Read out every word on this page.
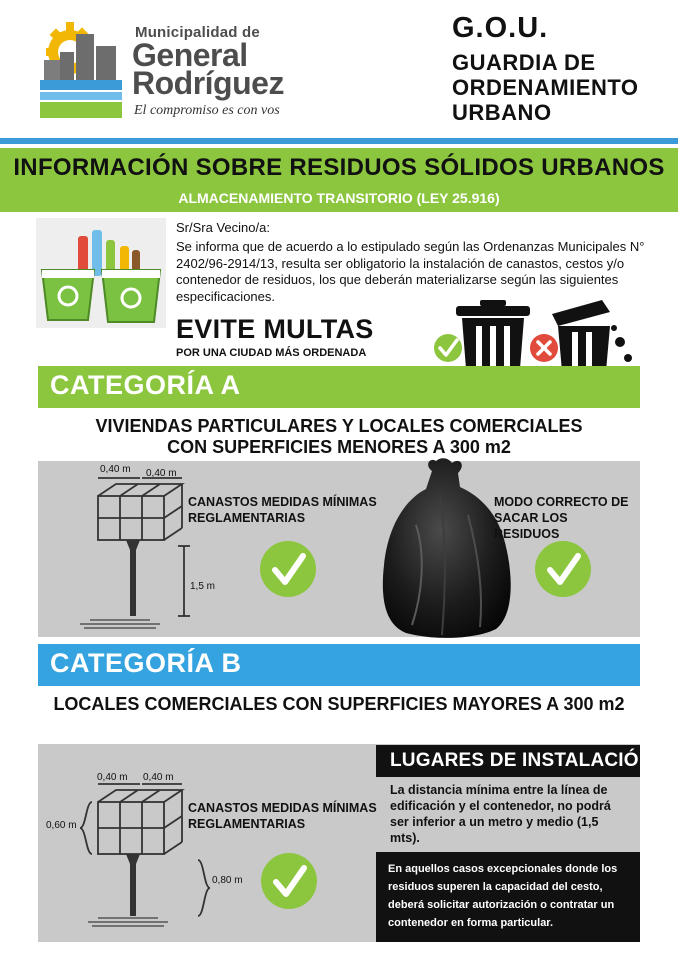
Municipalidad de
General
Rodríguez
El compromiso es con vos
G.O.U.
GUARDIA DE
ORDENAMIENTO
URBANO
INFORMACIÓN SOBRE RESIDUOS SÓLIDOS URBANOS
ALMACENAMIENTO TRANSITORIO (LEY 25.916)
Sr/Sra Vecino/a:
Se informa que de acuerdo a lo estipulado según las Ordenanzas Municipales N° 2402/96-2914/13, resulta ser obligatorio la instalación de canastos, cestos y/o contenedor de residuos, los que deberán materializarse según las siguientes especificaciones.
EVITE MULTAS
POR UNA CIUDAD MÁS ORDENADA
CATEGORÍA A
VIVIENDAS PARTICULARES Y LOCALES COMERCIALES
CON SUPERFICIES MENORES A 300 m2
0,40 m 0,40 m
1,5 m
CANASTOS MEDIDAS MÍNIMAS REGLAMENTARIAS
MODO CORRECTO DE SACAR LOS RESIDUOS
CATEGORÍA B
LOCALES COMERCIALES CON SUPERFICIES MAYORES A 300 m2
0,40 m 0,40 m
0,60 m
0,80 m
CANASTOS MEDIDAS MÍNIMAS REGLAMENTARIAS
LUGARES DE INSTALACIÓN
La distancia mínima entre la línea de edificación y el contenedor, no podrá ser inferior a un metro y medio (1,5 mts).
En aquellos casos excepcionales donde los residuos superen la capacidad del cesto, deberá solicitar autorización o contratar un contenedor en forma particular.
